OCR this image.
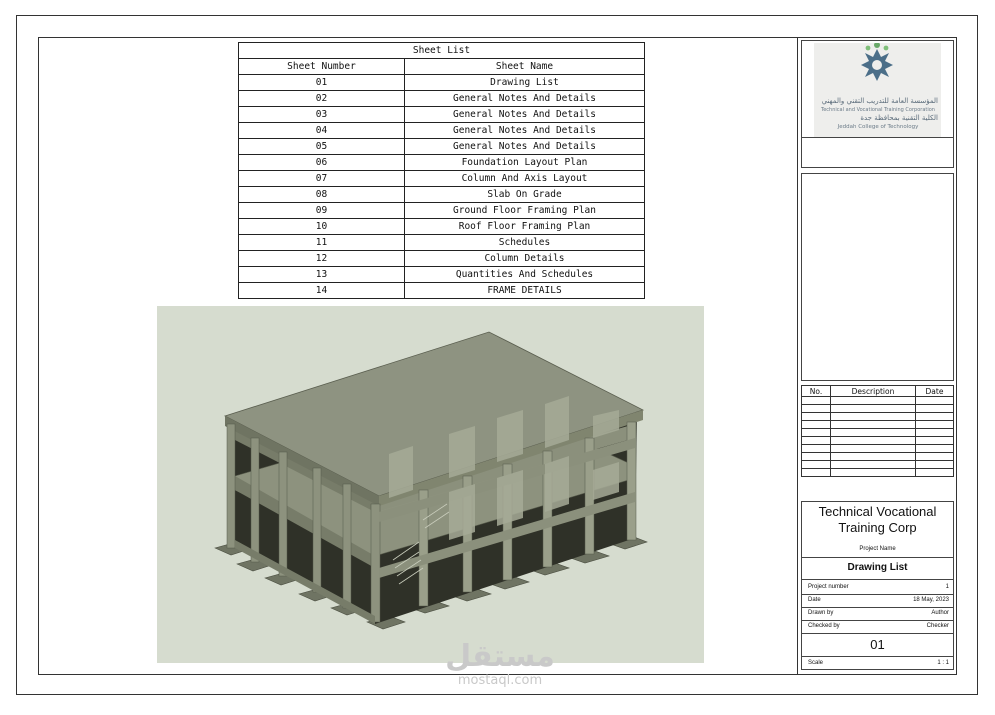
Sheet List	
Sheet Number	Sheet Name
01	Drawing List
02	General Notes And Details
03	General Notes And Details
04	General Notes And Details
05	General Notes And Details
06	Foundation Layout Plan
07	Column And Axis Layout
08	Slab On Grade
09	Ground Floor Framing Plan
10	Roof Floor Framing Plan
11	Schedules
12	Column Details
13	Quantities And Schedules
14	FRAME DETAILS
المؤسسة العامة للتدريب التقني والمهني
Technical and Vocational Training Corporation
الكلية التقنية بمحافظة جدة
Jeddah College of Technology
No.	Description	Date

Technical Vocational Training Corp
Project Name
Drawing List
Project number	1
Date	18 May, 2023
Drawn by	Author
Checked by	Checker
01
Scale	1 : 1
مستقل
mostaql.com
